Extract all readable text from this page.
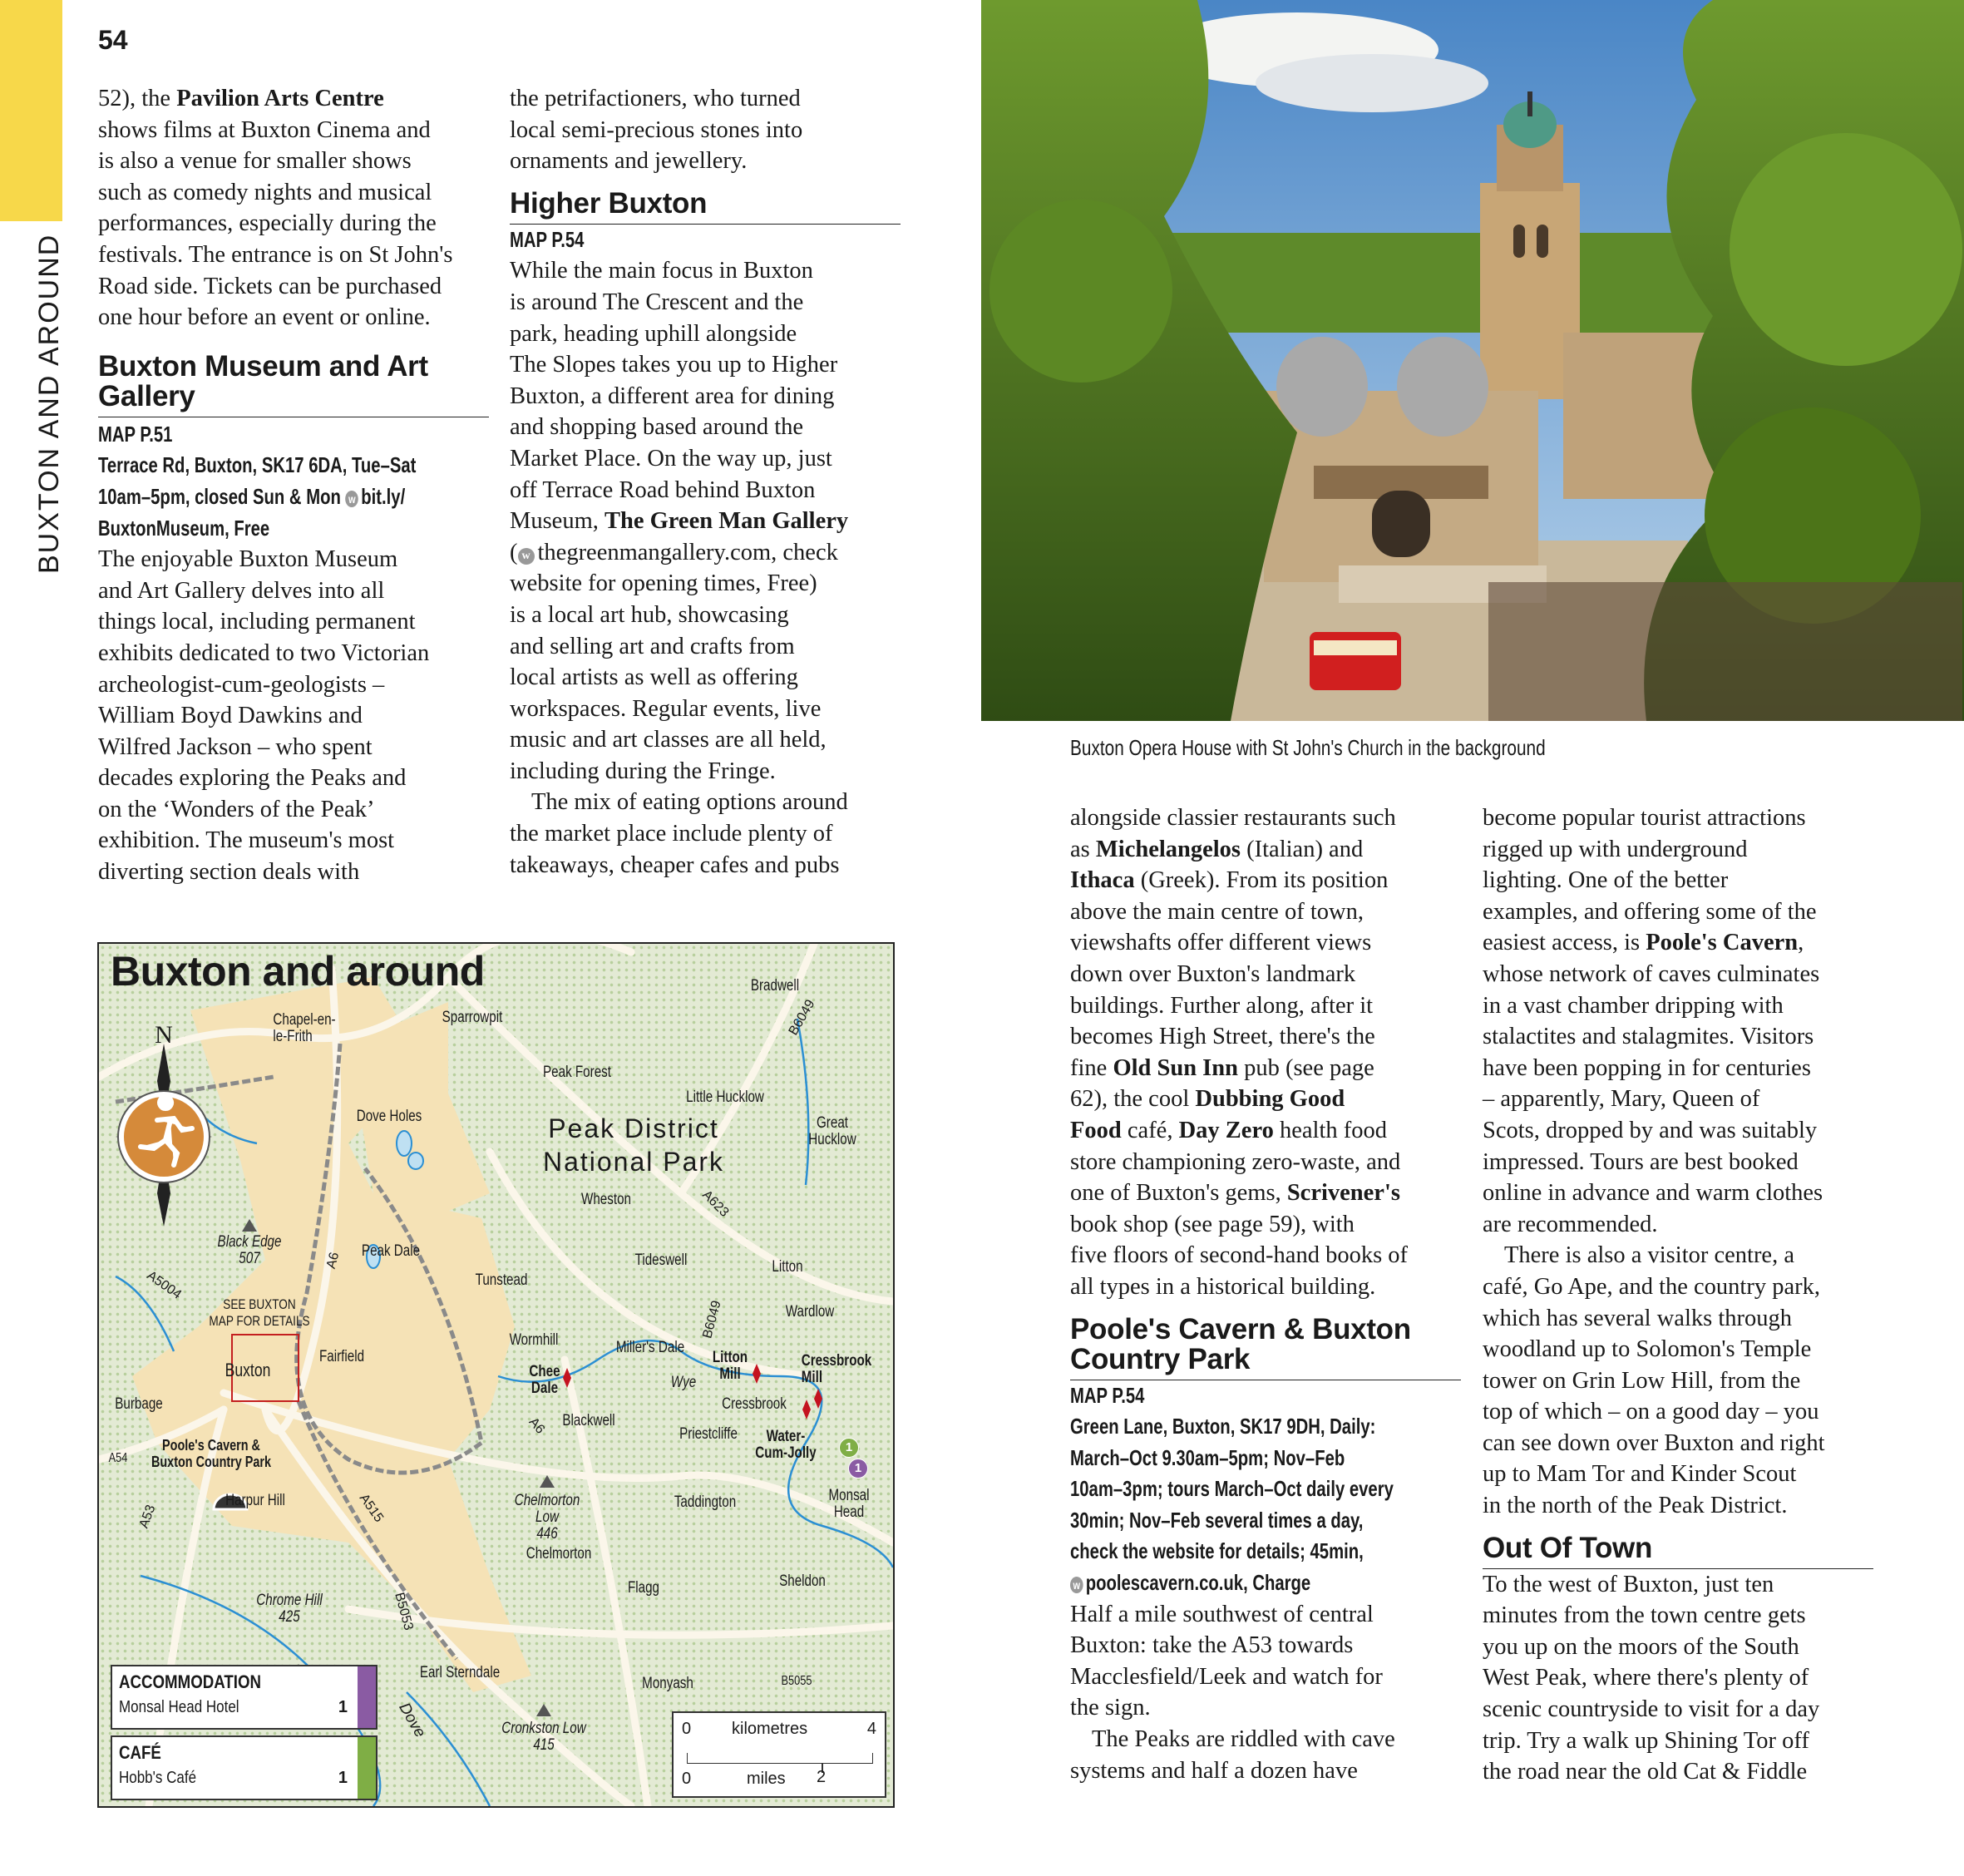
54
BUXTON AND AROUND

52), the Pavilion Arts Centre
shows films at Buxton Cinema and
is also a venue for smaller shows
such as comedy nights and musical
performances, especially during the
festivals. The entrance is on St John's
Road side. Tickets can be purchased
one hour before an event or online.

Buxton Museum and Art
Gallery
MAP P.51
Terrace Rd, Buxton, SK17 6DA, Tue–Sat
10am–5pm, closed Sun & Mon w bit.ly/
BuxtonMuseum, Free

The enjoyable Buxton Museum
and Art Gallery delves into all
things local, including permanent
exhibits dedicated to two Victorian
archeologist-cum-geologists –
William Boyd Dawkins and
Wilfred Jackson – who spent
decades exploring the Peaks and
on the ‘Wonders of the Peak’
exhibition. The museum's most
diverting section deals with

the petrifactioners, who turned
local semi-precious stones into
ornaments and jewellery.

Higher Buxton
MAP P.54

While the main focus in Buxton
is around The Crescent and the
park, heading uphill alongside
The Slopes takes you up to Higher
Buxton, a different area for dining
and shopping based around the
Market Place. On the way up, just
off Terrace Road behind Buxton
Museum, The Green Man Gallery
( w thegreenmangallery.com, check
website for opening times, Free)
is a local art hub, showcasing
and selling art and crafts from
local artists as well as offering
workspaces. Regular events, live
music and art classes are all held,
including during the Fringe.

The mix of eating options around
the market place include plenty of
takeaways, cheaper cafes and pubs

Buxton Opera House with St John's Church in the background

alongside classier restaurants such
as Michelangelos (Italian) and
Ithaca (Greek). From its position
above the main centre of town,
viewshafts offer different views
down over Buxton's landmark
buildings. Further along, after it
becomes High Street, there's the
fine Old Sun Inn pub (see page
62), the cool Dubbing Good
Food café, Day Zero health food
store championing zero-waste, and
one of Buxton's gems, Scrivener's
book shop (see page 59), with
five floors of second-hand books of
all types in a historical building.

Poole's Cavern & Buxton
Country Park
MAP P.54
Green Lane, Buxton, SK17 9DH, Daily:
March–Oct 9.30am–5pm; Nov–Feb
10am–3pm; tours March–Oct daily every
30min; Nov–Feb several times a day,
check the website for details; 45min,
w poolescavern.co.uk, Charge

Half a mile southwest of central
Buxton: take the A53 towards
Macclesfield/Leek and watch for
the sign.

The Peaks are riddled with cave
systems and half a dozen have

become popular tourist attractions
rigged up with underground
lighting. One of the better
examples, and offering some of the
easiest access, is Poole's Cavern,
whose network of caves culminates
in a vast chamber dripping with
stalactites and stalagmites. Visitors
have been popping in for centuries
– apparently, Mary, Queen of
Scots, dropped by and was suitably
impressed. Tours are best booked
online in advance and warm clothes
are recommended.

There is also a visitor centre, a
café, Go Ape, and the country park,
which has several walks through
woodland up to Solomon's Temple
tower on Grin Low Hill, from the
top of which – on a good day – you
can see down over Buxton and right
up to Mam Tor and Kinder Scout
in the north of the Peak District.

Out Of Town

To the west of Buxton, just ten
minutes from the town centre gets
you up on the moors of the South
West Peak, where there's plenty of
scenic countryside to visit for a day
trip. Try a walk up Shining Tor off
the road near the old Cat & Fiddle

Buxton and around
N
Peak District
National Park
Bradwell
Chapel-en-
le-Frith
Sparrowpit	B6049
Peak Forest
Little Hucklow
Dove Holes	Great
Hucklow
Wheston	A623
Black Edge
507	Peak Dale
A6	Tideswell	Litton
A5004	Tunstead
SEE BUXTON
MAP FOR DETAILS
Wardlow
Wormhill	Miller's Dale
B6049
Litton
Mill
Cressbrook
Mill
Fairfield
Buxton	Chee
Dale	Wye
Cressbrook
Burbage
Blackwell
A6	Priestcliffe	Water-
Cum-Jolly
Poole's Cavern &
Buxton Country Park
A54
Monsal
Head
Harpur Hill	A515	Chelmorton
Low
446
Taddington
A53
Chelmorton
Flagg	Sheldon
Chrome Hill
425	B5053
Earl Sterndale
Monyash	B5055
Dove	Cronkston Low
415
1
1
ACCOMMODATION
Monsal Head Hotel	1
CAFÉ
Hobb's Café	1
0 kilometres	4
0	miles 2
